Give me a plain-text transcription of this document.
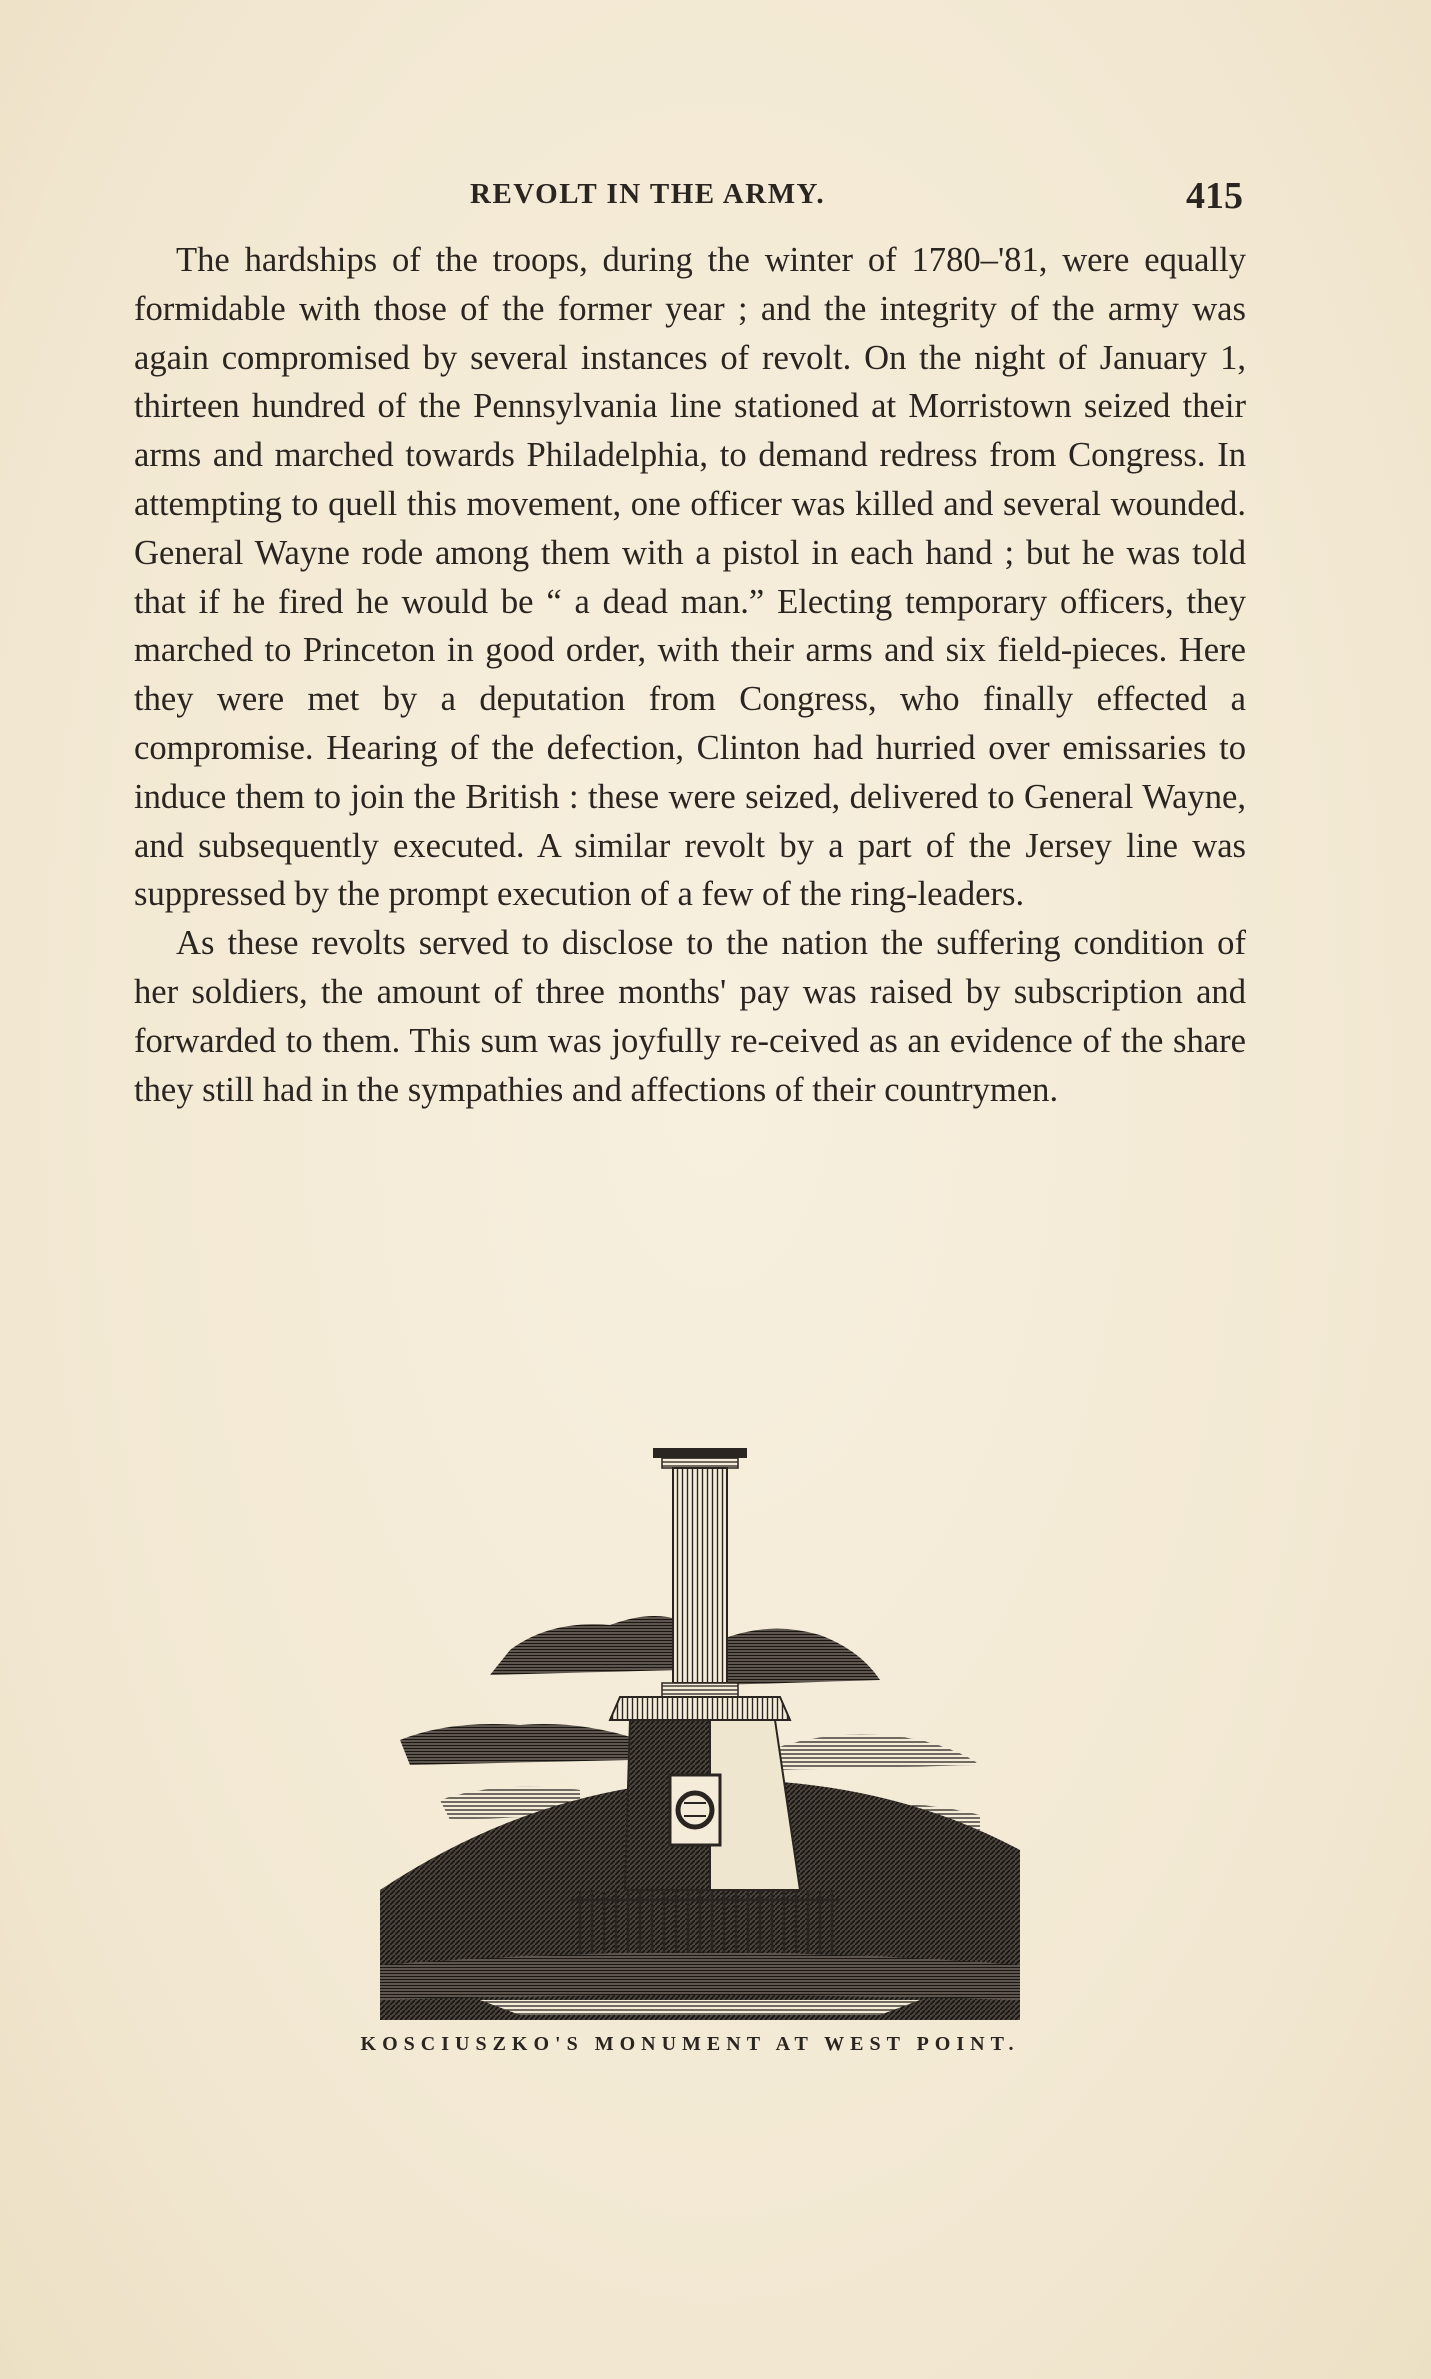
REVOLT IN THE ARMY.	415

The hardships of the troops, during the winter of 1780–'81, were equally formidable with those of the former year ; and the integrity of the army was again compromised by several instances of revolt. On the night of January 1, thirteen hundred of the Pennsylvania line stationed at Morristown seized their arms and marched towards Philadelphia, to demand redress from Congress. In attempting to quell this movement, one officer was killed and several wounded. General Wayne rode among them with a pistol in each hand ; but he was told that if he fired he would be “ a dead man.” Electing temporary officers, they marched to Princeton in good order, with their arms and six field-pieces. Here they were met by a deputation from Congress, who finally effected a compromise. Hearing of the defection, Clinton had hurried over emissaries to induce them to join the British : these were seized, delivered to General Wayne, and subsequently executed. A similar revolt by a part of the Jersey line was suppressed by the prompt execution of a few of the ring-leaders.

As these revolts served to disclose to the nation the suffering condition of her soldiers, the amount of three months' pay was raised by subscription and forwarded to them. This sum was joyfully re-ceived as an evidence of the share they still had in the sympathies and affections of their countrymen.

KOSCIUSZKO'S MONUMENT AT WEST POINT.
